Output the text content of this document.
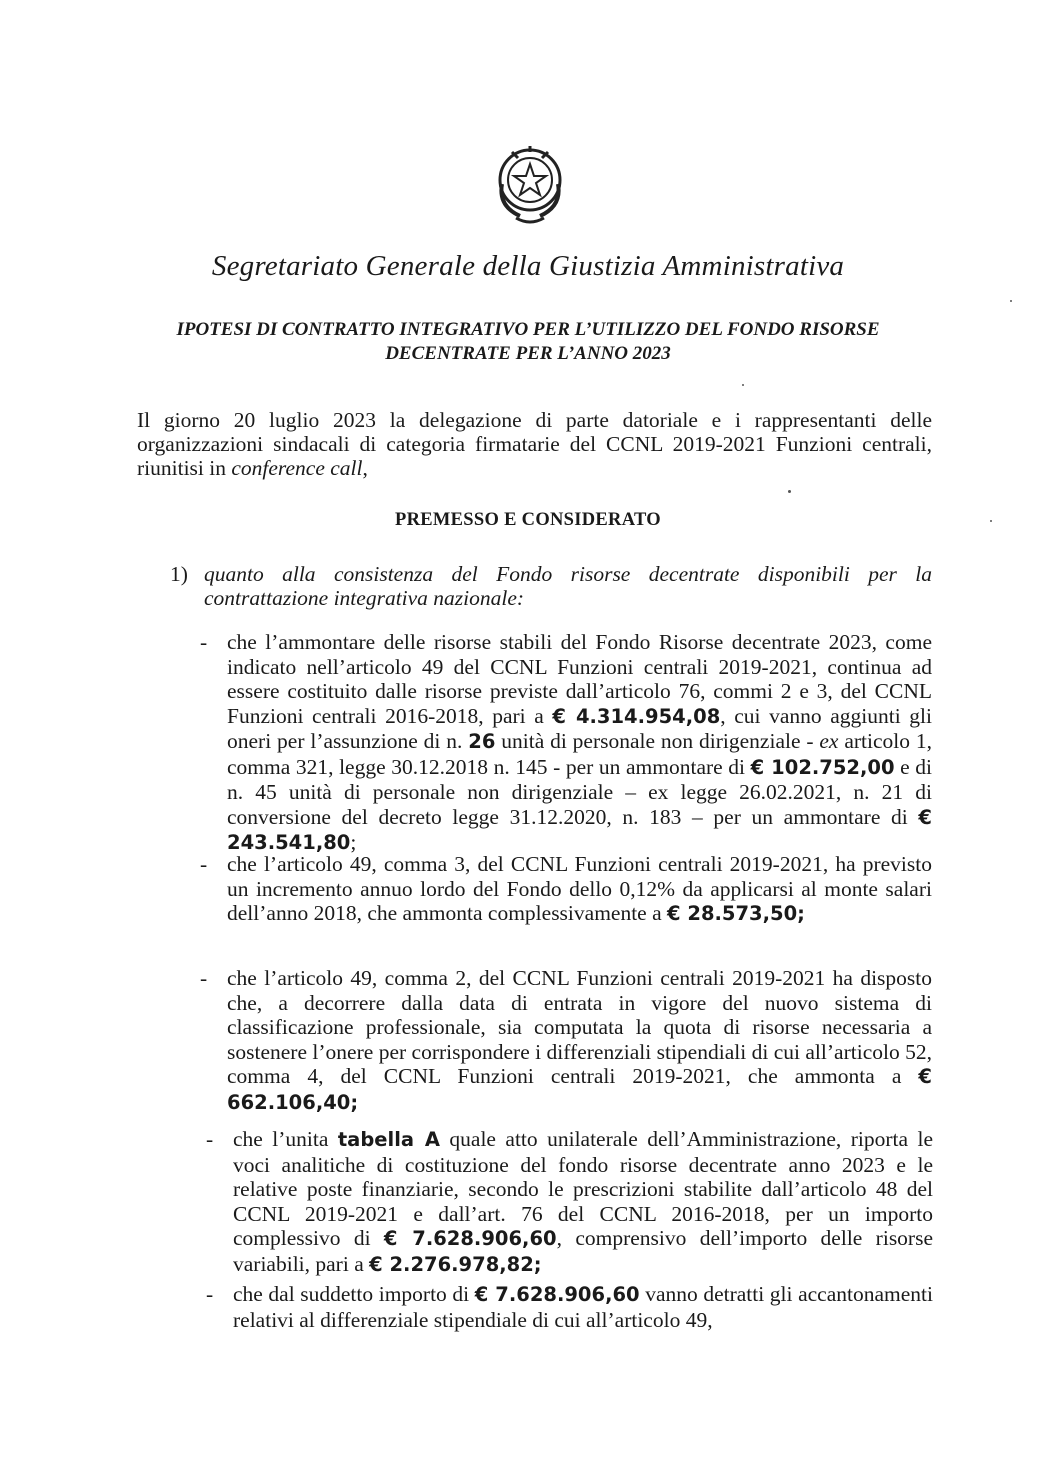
Segretariato Generale della Giustizia Amministrativa
IPOTESI DI CONTRATTO INTEGRATIVO PER L’UTILIZZO DEL FONDO RISORSE
DECENTRATE PER L’ANNO 2023
Il giorno 20 luglio 2023 la delegazione di parte datoriale e i rappresentanti delle organizzazioni sindacali di categoria firmatarie del CCNL 2019-2021 Funzioni centrali, riunitisi in conference call,
PREMESSO E CONSIDERATO
1) quanto alla consistenza del Fondo risorse decentrate disponibili per la contrattazione integrativa nazionale:
- che l’ammontare delle risorse stabili del Fondo Risorse decentrate 2023, come indicato nell’articolo 49 del CCNL Funzioni centrali 2019-2021, continua ad essere costituito dalle risorse previste dall’articolo 76, commi 2 e 3, del CCNL Funzioni centrali 2016-2018, pari a € 4.314.954,08, cui vanno aggiunti gli oneri per l’assunzione di n. 26 unità di personale non dirigenziale - ex articolo 1, comma 321, legge 30.12.2018 n. 145 - per un ammontare di € 102.752,00 e di n. 45 unità di personale non dirigenziale – ex legge 26.02.2021, n. 21 di conversione del decreto legge 31.12.2020, n. 183 – per un ammontare di € 243.541,80;
- che l’articolo 49, comma 3, del CCNL Funzioni centrali 2019-2021, ha previsto un incremento annuo lordo del Fondo dello 0,12% da applicarsi al monte salari dell’anno 2018, che ammonta complessivamente a € 28.573,50;
- che l’articolo 49, comma 2, del CCNL Funzioni centrali 2019-2021 ha disposto che, a decorrere dalla data di entrata in vigore del nuovo sistema di classificazione professionale, sia computata la quota di risorse necessaria a sostenere l’onere per corrispondere i differenziali stipendiali di cui all’articolo 52, comma 4, del CCNL Funzioni centrali 2019-2021, che ammonta a € 662.106,40;
- che l’unita tabella A quale atto unilaterale dell’Amministrazione, riporta le voci analitiche di costituzione del fondo risorse decentrate anno 2023 e le relative poste finanziarie, secondo le prescrizioni stabilite dall’articolo 48 del CCNL 2019-2021 e dall’art. 76 del CCNL 2016-2018, per un importo complessivo di € 7.628.906,60, comprensivo dell’importo delle risorse variabili, pari a € 2.276.978,82;
- che dal suddetto importo di € 7.628.906,60 vanno detratti gli accantonamenti relativi al differenziale stipendiale di cui all’articolo 49,
